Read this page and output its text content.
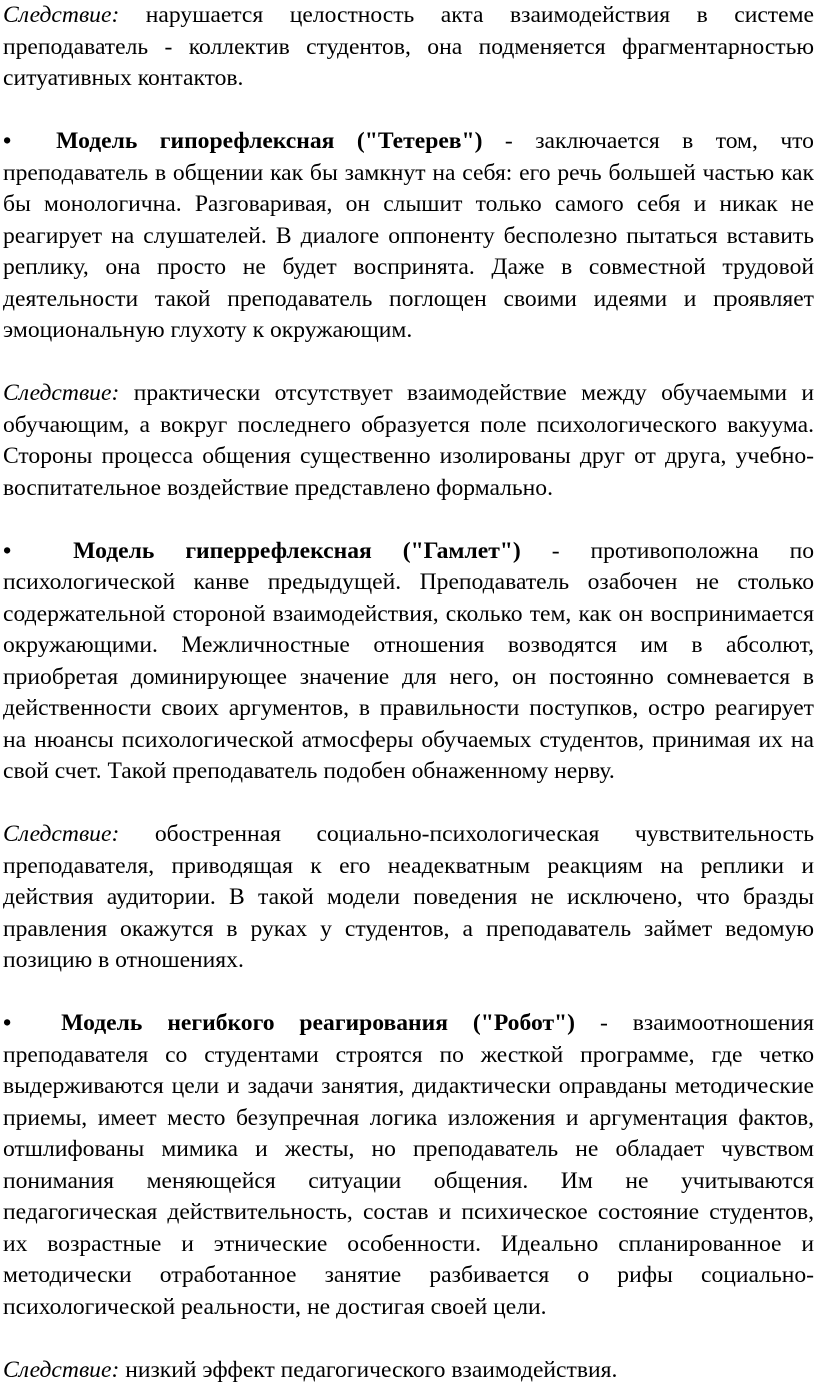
Следствие: нарушается целостность акта взаимодействия в системе преподаватель - коллектив студентов, она подменяется фрагментарностью ситуативных контактов.

• Модель гипорефлексная ("Тетерев") - заключается в том, что преподаватель в общении как бы замкнут на себя: его речь большей частью как бы монологична. Разговаривая, он слышит только самого себя и никак не реагирует на слушателей. В диалоге оппоненту бесполезно пытаться вставить реплику, она просто не будет воспринята. Даже в совместной трудовой деятельности такой преподаватель поглощен своими идеями и проявляет эмоциональную глухоту к окружающим.

Следствие: практически отсутствует взаимодействие между обучаемыми и обучающим, а вокруг последнего образуется поле психологического вакуума. Стороны процесса общения существенно изолированы друг от друга, учебно-воспитательное воздействие представлено формально.

•	Модель гиперрефлексная ("Гамлет") - противоположна по психологической канве предыдущей. Преподаватель озабочен не столько содержательной стороной взаимодействия, сколько тем, как он воспринимается окружающими. Межличностные отношения возводятся им в абсолют, приобретая доминирующее значение для него, он постоянно сомневается в действенности своих аргументов, в правильности поступков, остро реагирует на нюансы психологической атмосферы обучаемых студентов, принимая их на свой счет. Такой преподаватель подобен обнаженному нерву.

Следствие: обостренная социально-психологическая чувствительность преподавателя, приводящая к его неадекватным реакциям на реплики и действия аудитории. В такой модели поведения не исключено, что бразды правления окажутся в руках у студентов, а преподаватель займет ведомую позицию в отношениях.

• Модель негибкого реагирования ("Робот") - взаимоотношения преподавателя со студентами строятся по жесткой программе, где четко выдерживаются цели и задачи занятия, дидактически оправданы методические приемы, имеет место безупречная логика изложения и аргументация фактов, отшлифованы мимика и жесты, но преподаватель не обладает чувством понимания меняющейся ситуации общения. Им не учитываются педагогическая действительность, состав и психическое состояние студентов, их возрастные и этнические особенности. Идеально спланированное и методически отработанное занятие разбивается о рифы социально-психологической реальности, не достигая своей цели.

Следствие: низкий эффект педагогического взаимодействия.
